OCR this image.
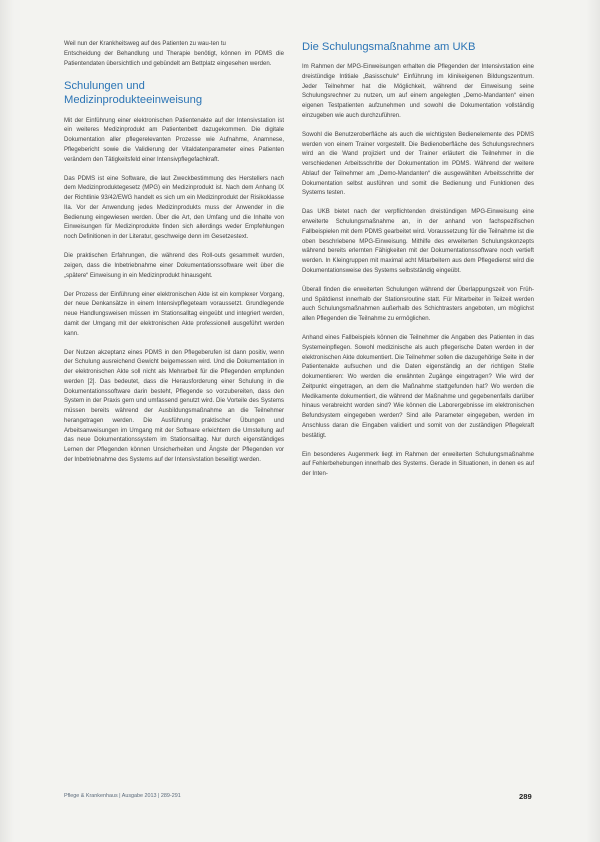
Weil nun der Krankheitsweg auf des Patienten zu wau-ten tu
Entscheidung der Behandlung und Therapie benötigt, können im PDMS die Patientendaten übersichtlich und gebündelt am Bettplatz eingesehen werden.

Schulungen und
Medizinprodukteeinweisung

Mit der Einführung einer elektronischen Patientenakte auf der Intensivstation ist ein weiteres Medizinprodukt am Patientenbett dazugekommen. Die digitale Dokumentation aller pflegerelevanten Prozesse wie Aufnahme, Anamnese, Pflegebericht sowie die Validierung der Vitaldatenparameter eines Patienten verändern den Tätigkeitsfeld einer Intensivpflegefachkraft.

Das PDMS ist eine Software, die laut Zweckbestimmung des Herstellers nach dem Medizinproduktegesetz (MPG) ein Medizinprodukt ist. Nach dem Anhang IX der Richtlinie 93/42/EWG handelt es sich um ein Medizinprodukt der Risikoklasse IIa. Vor der Anwendung jedes Medizinprodukts muss der Anwender in die Bedienung eingewiesen werden. Über die Art, den Umfang und die Inhalte von Einweisungen für Medizinprodukte finden sich allerdings weder Empfehlungen noch Definitionen in der Literatur, geschweige denn im Gesetzestext.

Die praktischen Erfahrungen, die während des Roll-outs gesammelt wurden, zeigen, dass die Inbetriebnahme einer Dokumentationssoftware weit über die „spätere“ Einweisung in ein Medizinprodukt hinausgeht.

Der Prozess der Einführung einer elektronischen Akte ist ein komplexer Vorgang, der neue Denkansätze in einem Intensivpflegeteam voraussetzt. Grundlegende neue Handlungsweisen müssen im Stationsalltag eingeübt und integriert werden, damit der Umgang mit der elektronischen Akte professionell ausgeführt werden kann.

Der Nutzen akzeptanz eines PDMS in den Pflegeberufen ist dann positiv, wenn der Schulung ausreichend Gewicht beigemessen wird. Und die Dokumentation in der elektronischen Akte soll nicht als Mehrarbeit für die Pflegenden empfunden werden [2]. Das bedeutet, dass die Herausforderung einer Schulung in die Dokumentationssoftware darin besteht, Pflegende so vorzubereiten, dass den System in der Praxis gern und umfassend genutzt wird. Die Vorteile des Systems müssen bereits während der Ausbildungsmaßnahme an die Teilnehmer herangetragen werden. Die Ausführung praktischer Übungen und Arbeitsanweisungen im Umgang mit der Software erleichtern die Umstellung auf das neue Dokumentationssystem im Stationsalltag. Nur durch eigenständiges Lernen der Pflegenden können Unsicherheiten und Ängste der Pflegenden vor der Inbetriebnahme des Systems auf der Intensivstation beseitigt werden.

Die Schulungsmaßnahme am UKB

Im Rahmen der MPG-Einweisungen erhalten die Pflegenden der Intensivstation eine dreistündige Intitiale „Basisschule“ Einführung im klinikeigenen Bildungszentrum. Jeder Teilnehmer hat die Möglichkeit, während der Einweisung seine Schulungsrechner zu nutzen, um auf einem angelegten „Demo-Mandanten“ einen eigenen Testpatienten aufzunehmen und sowohl die Dokumentation vollständig einzugeben wie auch durchzuführen.

Sowohl die Benutzeroberfläche als auch die wichtigsten Bedienelemente des PDMS werden von einem Trainer vorgestellt. Die Bedienoberfläche des Schulungsrechners wird an die Wand projiziert und der Trainer erläutert die Teilnehmer in die verschiedenen Arbeitsschritte der Dokumentation im PDMS. Während der weitere Ablauf der Teilnehmer am „Demo-Mandanten“ die ausgewählten Arbeitsschritte der Dokumentation selbst ausführen und somit die Bedienung und Funktionen des Systems testen.

Das UKB bietet nach der verpflichtenden dreistündigen MPG-Einweisung eine erweiterte Schulungsmaßnahme an, in der anhand von fachspezifischen Fallbeispielen mit dem PDMS gearbeitet wird. Voraussetzung für die Teilnahme ist die oben beschriebene MPG-Einweisung. Mithilfe des erweiterten Schulungskonzepts während bereits erlernten Fähigkeiten mit der Dokumentationssoftware noch vertieft werden. In Kleingruppen mit maximal acht Mitarbeitern aus dem Pflegedienst wird die Dokumentationsweise des Systems selbstständig eingeübt.

Überall finden die erweiterten Schulungen während der Überlappungszeit von Früh- und Spätdienst innerhalb der Stationsroutine statt. Für Mitarbeiter in Teilzeit werden auch Schulungsmaßnahmen außerhalb des Schichtrasters angeboten, um möglichst allen Pflegenden die Teilnahme zu ermöglichen.

Anhand eines Fallbeispiels können die Teilnehmer die Angaben des Patienten in das Systemeinpflegen. Sowohl medizinische als auch pflegerische Daten werden in der elektronischen Akte dokumentiert. Die Teilnehmer sollen die dazugehörige Seite in der Patientenakte aufsuchen und die Daten eigenständig an der richtigen Stelle dokumentieren: Wo werden die erwähnten Zugänge eingetragen? Wie wird der Zeitpunkt eingetragen, an dem die Maßnahme stattgefunden hat? Wo werden die Medikamente dokumentiert, die während der Maßnahme und gegebenenfalls darüber hinaus verabreicht worden sind? Wie können die Laborergebnisse im elektronischen Befundsystem eingegeben werden? Sind alle Parameter eingegeben, werden im Anschluss daran die Eingaben validiert und somit von der zuständigen Pflegekraft bestätigt.

Ein besonderes Augenmerk liegt im Rahmen der erweiterten Schulungsmaßnahme auf Fehlerbehebungen innerhalb des Systems. Gerade in Situationen, in denen es auf der Inten-

Pflege & Krankenhaus | Ausgabe 2013 | 289-291	289
